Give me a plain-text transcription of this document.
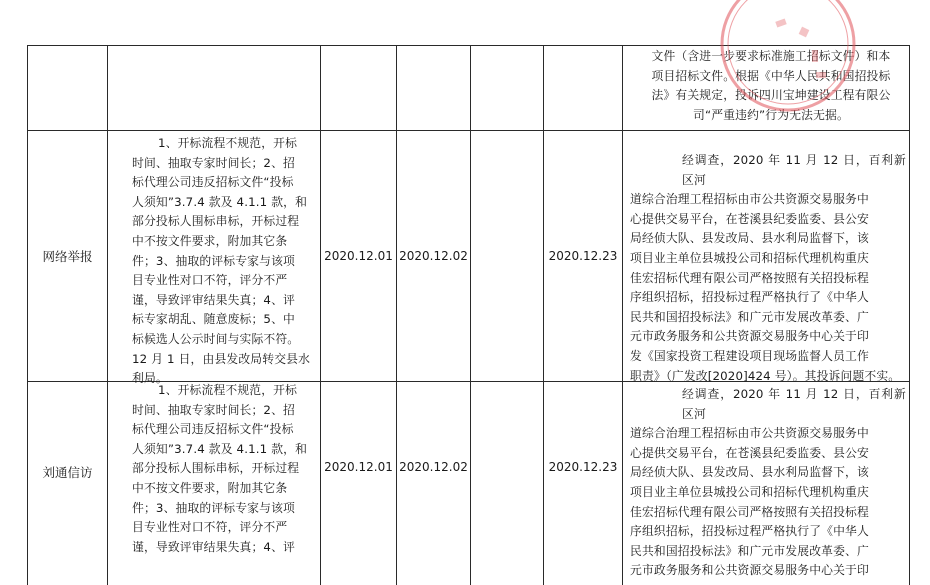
文件（含进一步要求标准施工招标文件）和本
项目招标文件。根据《中华人民共和国招投标
法》有关规定，投诉四川宝坤建设工程有限公
司“严重违约”行为无法无据。
网络举报
1、开标流程不规范，开标
时间、抽取专家时间长；2、招
标代理公司违反招标文件“投标
人须知”3.7.4 款及 4.1.1 款，和
部分投标人围标串标，开标过程
中不按文件要求，附加其它条
件；3、抽取的评标专家与该项
目专业性对口不符，评分不严
谨，导致评审结果失真；4、评
标专家胡乱、随意废标；5、中
标候选人公示时间与实际不符。
12 月 1 日，由县发改局转交县水
利局。
2020.12.01 2020.12.02	2020.12.23
经调查，2020 年 11 月 12 日，百利新区河
道综合治理工程招标由市公共资源交易服务中
心提供交易平台，在苍溪县纪委监委、县公安
局经侦大队、县发改局、县水利局监督下，该
项目业主单位县城投公司和招标代理机构重庆
佳宏招标代理有限公司严格按照有关招投标程
序组织招标，招投标过程严格执行了《中华人
民共和国招投标法》和广元市发展改革委、广
元市政务服务和公共资源交易服务中心关于印
发《国家投资工程建设项目现场监督人员工作
职责》（广发改[2020]424 号）。其投诉问题不实。
刘通信访
1、开标流程不规范，开标
时间、抽取专家时间长；2、招
标代理公司违反招标文件“投标
人须知”3.7.4 款及 4.1.1 款，和
部分投标人围标串标，开标过程
中不按文件要求，附加其它条
件；3、抽取的评标专家与该项
目专业性对口不符，评分不严
谨，导致评审结果失真；4、评
2020.12.01 2020.12.02	2020.12.23
经调查，2020 年 11 月 12 日，百利新区河
道综合治理工程招标由市公共资源交易服务中
心提供交易平台，在苍溪县纪委监委、县公安
局经侦大队、县发改局、县水利局监督下，该
项目业主单位县城投公司和招标代理机构重庆
佳宏招标代理有限公司严格按照有关招投标程
序组织招标，招投标过程严格执行了《中华人
民共和国招投标法》和广元市发展改革委、广
元市政务服务和公共资源交易服务中心关于印
